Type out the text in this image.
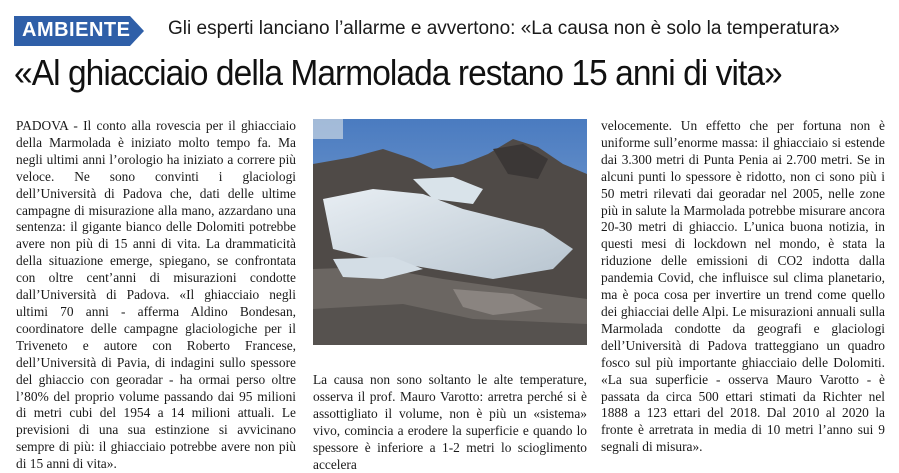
AMBIENTE Gli esperti lanciano l’allarme e avvertono: «La causa non è solo la temperatura»
«Al ghiacciaio della Marmolada restano 15 anni di vita»
PADOVA - Il conto alla rovescia per il ghiacciaio della Marmolada è iniziato molto tempo fa. Ma negli ultimi anni l’orologio ha iniziato a correre più veloce. Ne sono convinti i glaciologi dell’Università di Padova che, dati delle ultime campagne di misurazione alla mano, azzardano una sentenza: il gigante bianco delle Dolomiti potrebbe avere non più di 15 anni di vita. La drammaticità della situazione emerge, spiegano, se confrontata con oltre cent’anni di misurazioni condotte dall’Università di Padova. «Il ghiacciaio negli ultimi 70 anni - afferma Aldino Bondesan, coordinatore delle campagne glaciologiche per il Triveneto e autore con Roberto Francese, dell’Università di Pavia, di indagini sullo spessore del ghiaccio con georadar - ha ormai perso oltre l’80% del proprio volume passando dai 95 milioni di metri cubi del 1954 a 14 milioni attuali. Le previsioni di una sua estinzione si avvicinano sempre di più: il ghiacciaio potrebbe avere non più di 15 anni di vita».
La causa non sono soltanto le alte temperature, osserva il prof. Mauro Varotto: arretra perché si è assottigliato il volume, non è più un «sistema» vivo, comincia a erodere la superficie e quando lo spessore è inferiore a 1-2 metri lo scioglimento accelera
velocemente. Un effetto che per fortuna non è uniforme sull’enorme massa: il ghiacciaio si estende dai 3.300 metri di Punta Penia ai 2.700 metri. Se in alcuni punti lo spessore è ridotto, non ci sono più i 50 metri rilevati dai georadar nel 2005, nelle zone più in salute la Marmolada potrebbe misurare ancora 20-30 metri di ghiaccio. L’unica buona notizia, in questi mesi di lockdown nel mondo, è stata la riduzione delle emissioni di CO2 indotta dalla pandemia Covid, che influisce sul clima planetario, ma è poca cosa per invertire un trend come quello dei ghiacciai delle Alpi. Le misurazioni annuali sulla Marmolada condotte da geografi e glaciologi dell’Università di Padova tratteggiano un quadro fosco sul più importante ghiacciaio delle Dolomiti. «La sua superficie - osserva Mauro Varotto - è passata da circa 500 ettari stimati da Richter nel 1888 a 123 ettari del 2018. Dal 2010 al 2020 la fronte è arretrata in media di 10 metri l’anno sui 9 segnali di misura».
